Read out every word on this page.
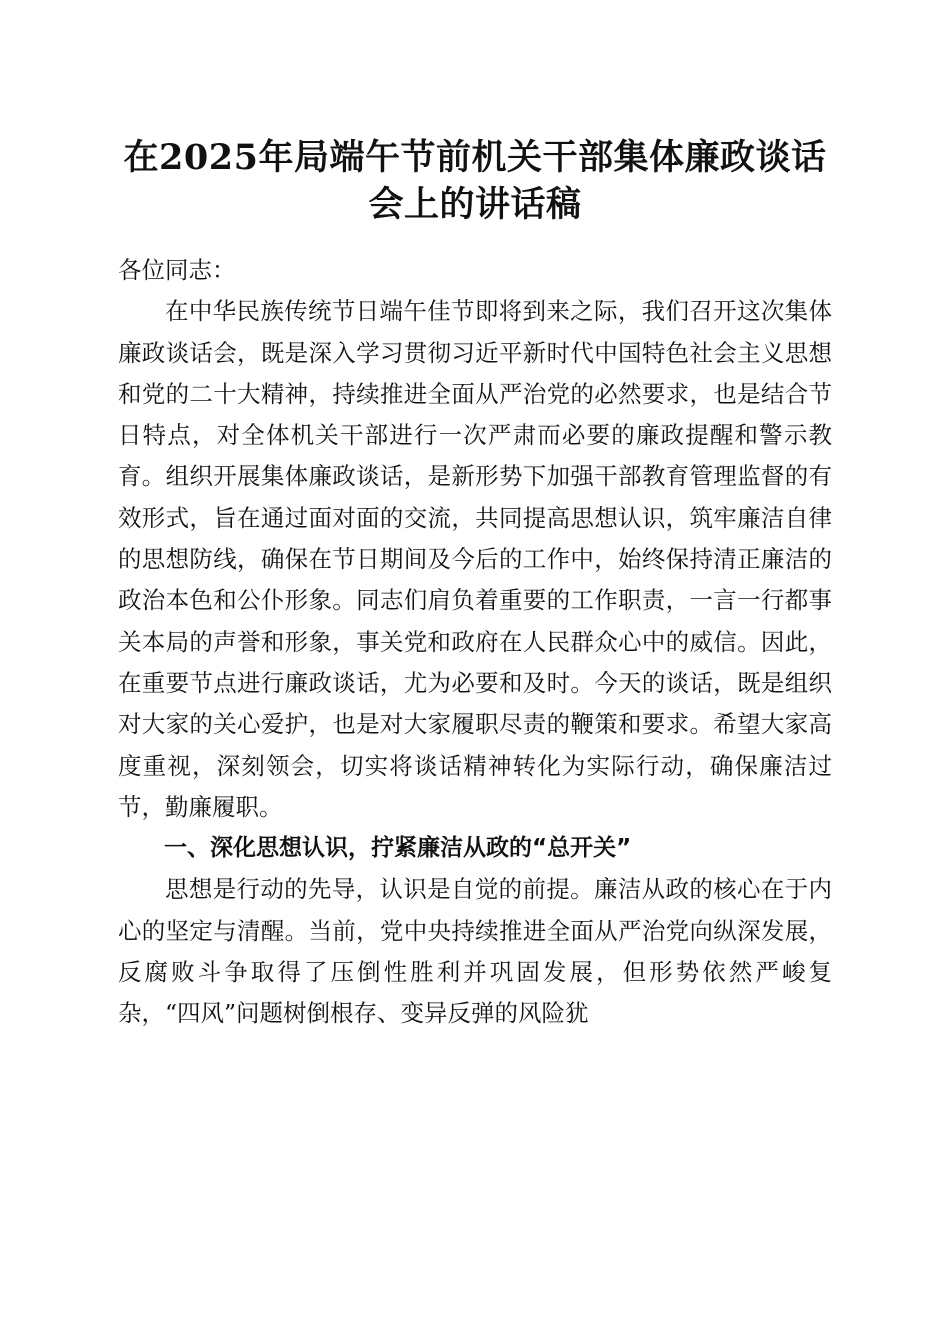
在2025年局端午节前机关干部集体廉政谈话
会上的讲话稿

各位同志：

在中华民族传统节日端午佳节即将到来之际，我们召开这次集体廉政谈话会，既是深入学习贯彻习近平新时代中国特色社会主义思想和党的二十大精神，持续推进全面从严治党的必然要求，也是结合节日特点，对全体机关干部进行一次严肃而必要的廉政提醒和警示教育。组织开展集体廉政谈话，是新形势下加强干部教育管理监督的有效形式，旨在通过面对面的交流，共同提高思想认识，筑牢廉洁自律的思想防线，确保在节日期间及今后的工作中，始终保持清正廉洁的政治本色和公仆形象。同志们肩负着重要的工作职责，一言一行都事关本局的声誉和形象，事关党和政府在人民群众心中的威信。因此，在重要节点进行廉政谈话，尤为必要和及时。今天的谈话，既是组织对大家的关心爱护，也是对大家履职尽责的鞭策和要求。希望大家高度重视，深刻领会，切实将谈话精神转化为实际行动，确保廉洁过节，勤廉履职。

一、深化思想认识，拧紧廉洁从政的“总开关”

思想是行动的先导，认识是自觉的前提。廉洁从政的核心在于内心的坚定与清醒。当前，党中央持续推进全面从严治党向纵深发展，反腐败斗争取得了压倒性胜利并巩固发展，但形势依然严峻复杂，“四风”问题树倒根存、变异反弹的风险犹
